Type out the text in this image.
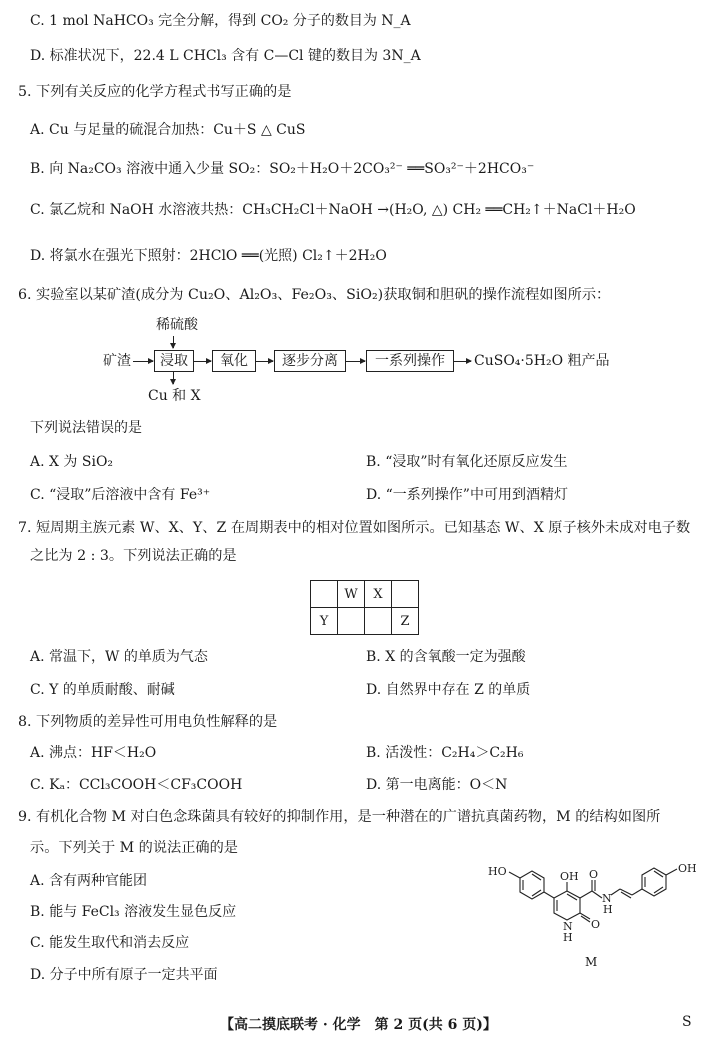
C. 1 mol NaHCO₃ 完全分解，得到 CO₂ 分子的数目为 N_A
D. 标准状况下，22.4 L CHCl₃ 含有 C—Cl 键的数目为 3N_A
5. 下列有关反应的化学方程式书写正确的是
A. Cu 与足量的硫混合加热：Cu＋S △ CuS
B. 向 Na₂CO₃ 溶液中通入少量 SO₂：SO₂＋H₂O＋2CO₃²⁻ ══SO₃²⁻＋2HCO₃⁻
C. 氯乙烷和 NaOH 水溶液共热：CH₃CH₂Cl＋NaOH →(H₂O, △) CH₂ ══CH₂↑＋NaCl＋H₂O
D. 将氯水在强光下照射：2HClO ══(光照) Cl₂↑＋2H₂O
6. 实验室以某矿渣(成分为 Cu₂O、Al₂O₃、Fe₂O₃、SiO₂)获取铜和胆矾的操作流程如图所示：
稀硫酸
矿渣	浸取	氧化	逐步分离	一系列操作	CuSO₄·5H₂O 粗产品
Cu 和 X
下列说法错误的是
A. X 为 SiO₂	B. “浸取”时有氧化还原反应发生
C. “浸取”后溶液中含有 Fe³⁺	D. “一系列操作”中可用到酒精灯
7. 短周期主族元素 W、X、Y、Z 在周期表中的相对位置如图所示。已知基态 W、X 原子核外未成对电子数
之比为 2 : 3。下列说法正确的是
	W	X	
Y			Z
A. 常温下，W 的单质为气态	B. X 的含氧酸一定为强酸
C. Y 的单质耐酸、耐碱	D. 自然界中存在 Z 的单质
8. 下列物质的差异性可用电负性解释的是
A. 沸点：HF＜H₂O	B. 活泼性：C₂H₄＞C₂H₆
C. Kₐ：CCl₃COOH＜CF₃COOH	D. 第一电离能：O＜N
9. 有机化合物 M 对白色念珠菌具有较好的抑制作用，是一种潜在的广谱抗真菌药物，M 的结构如图所
示。下列关于 M 的说法正确的是
A. 含有两种官能团
B. 能与 FeCl₃ 溶液发生显色反应
C. 能发生取代和消去反应
D. 分子中所有原子一定共平面
HO	OH O
N
H
OH
N
H
O
M
【高二摸底联考 · 化学　第 2 页(共 6 页)】	S
